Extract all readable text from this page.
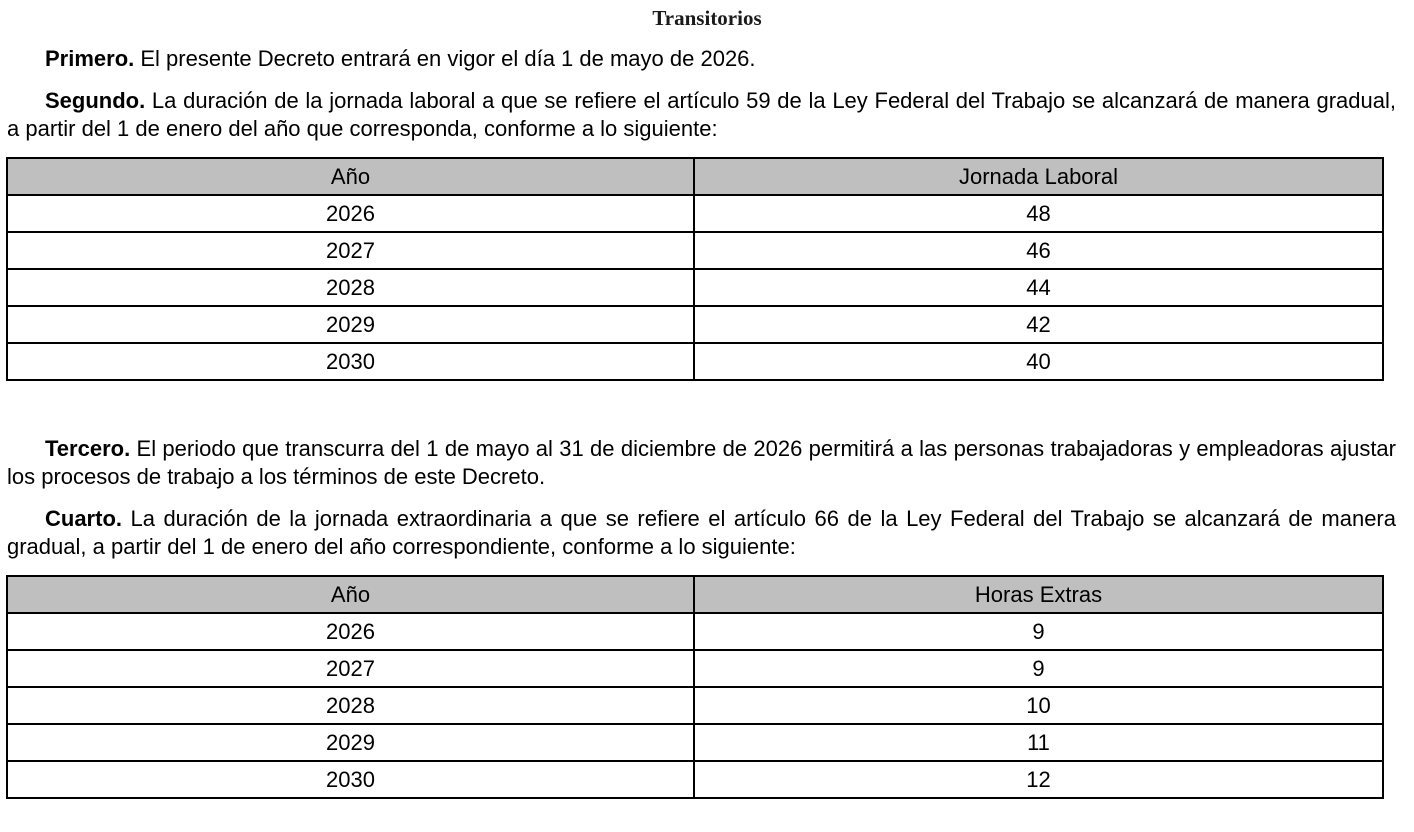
Transitorios

Primero. El presente Decreto entrará en vigor el día 1 de mayo de 2026.

Segundo. La duración de la jornada laboral a que se refiere el artículo 59 de la Ley Federal del Trabajo se alcanzará de manera gradual, a partir del 1 de enero del año que corresponda, conforme a lo siguiente:

Año	Jornada Laboral
2026	48
2027	46
2028	44
2029	42
2030	40

Tercero. El periodo que transcurra del 1 de mayo al 31 de diciembre de 2026 permitirá a las personas trabajadoras y empleadoras ajustar los procesos de trabajo a los términos de este Decreto.

Cuarto. La duración de la jornada extraordinaria a que se refiere el artículo 66 de la Ley Federal del Trabajo se alcanzará de manera gradual, a partir del 1 de enero del año correspondiente, conforme a lo siguiente:

Año	Horas Extras
2026	9
2027	9
2028	10
2029	11
2030	12
